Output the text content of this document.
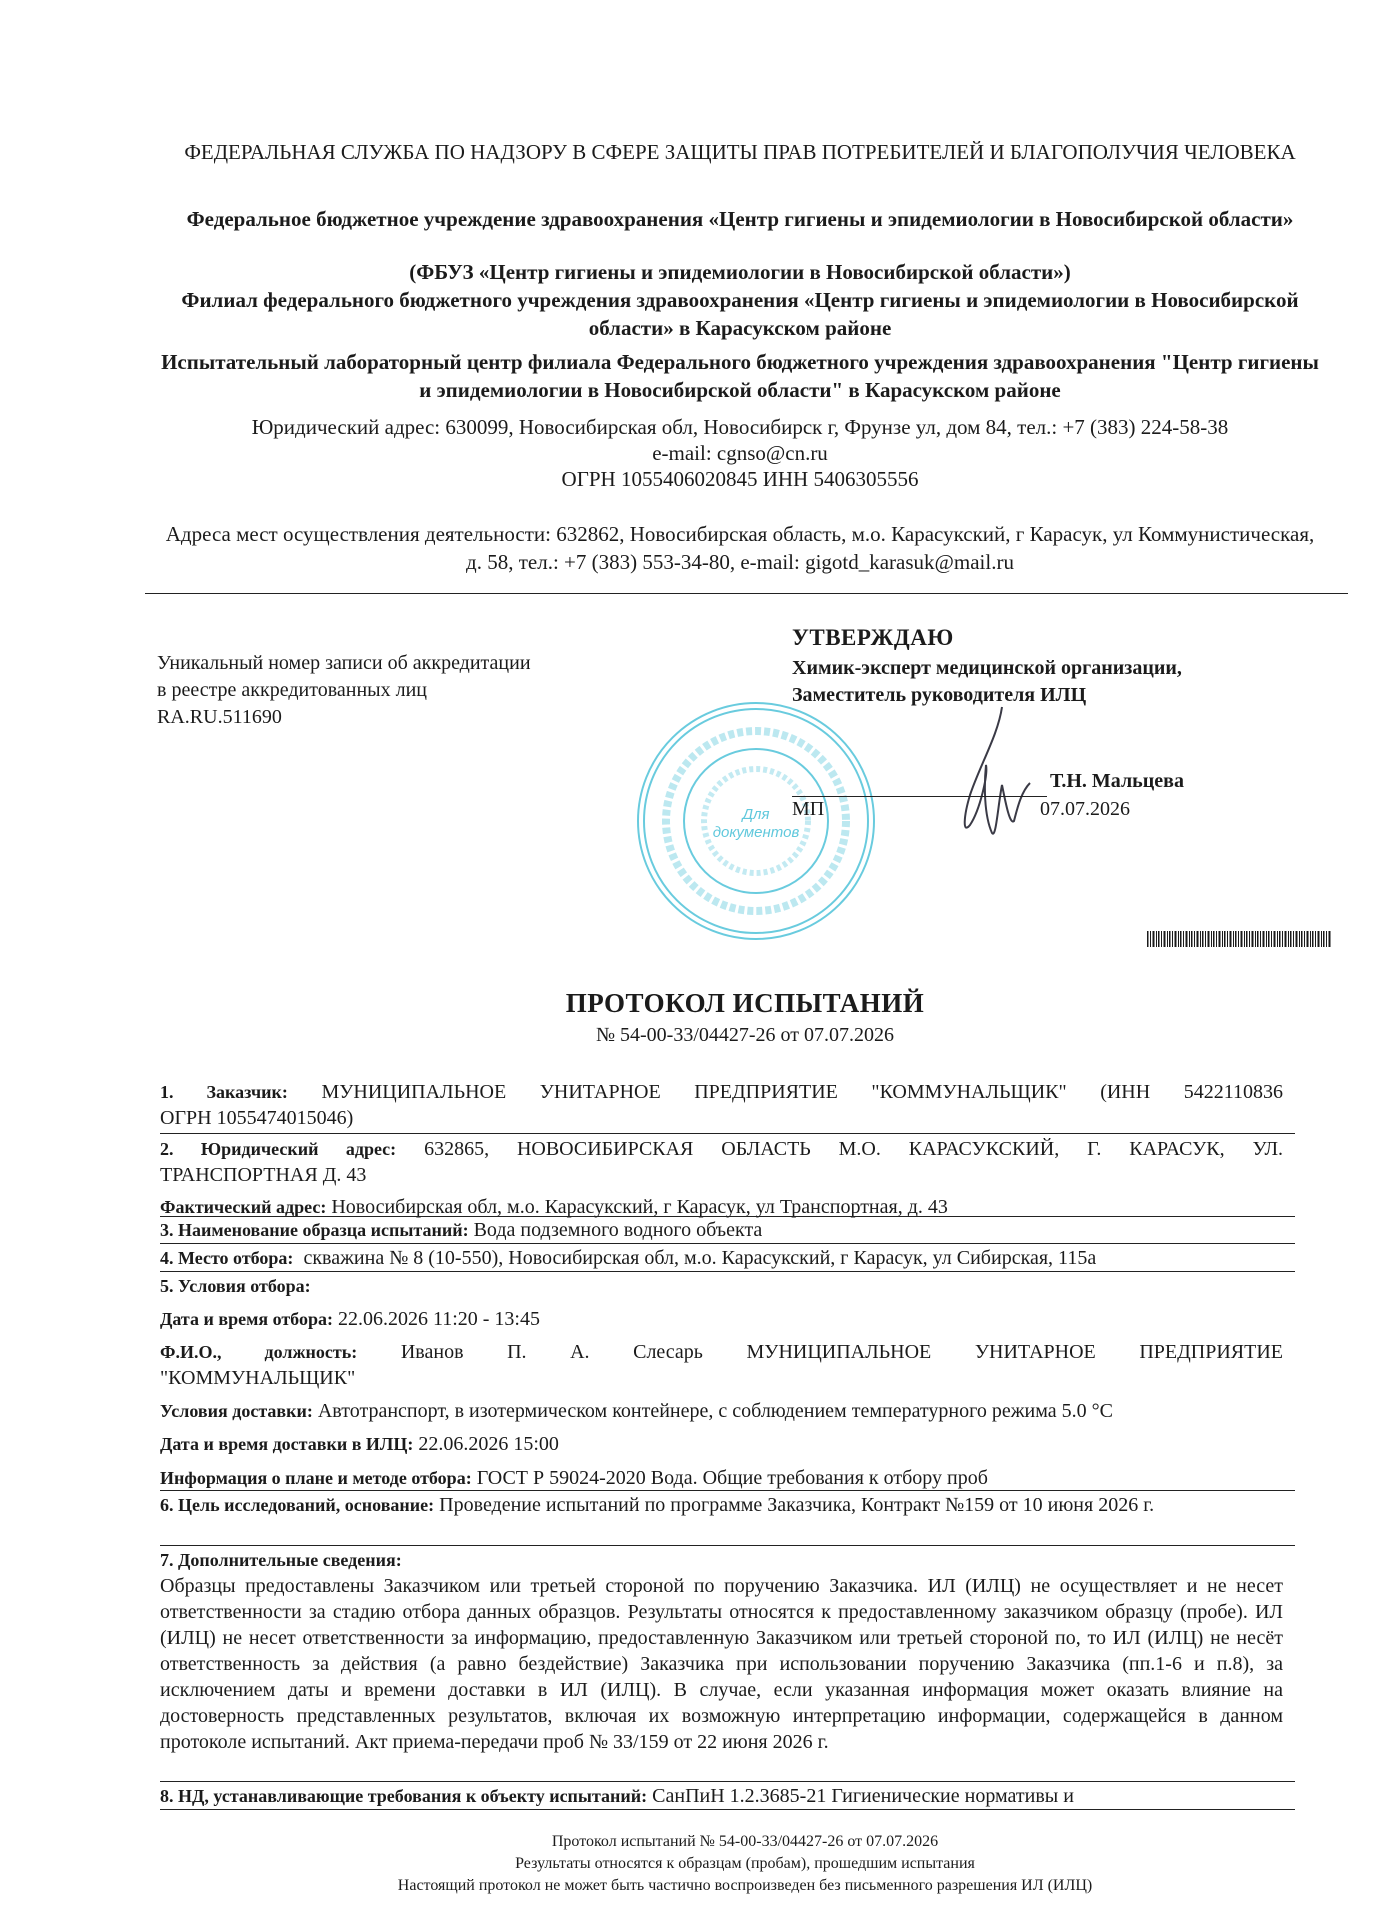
ФЕДЕРАЛЬНАЯ СЛУЖБА ПО НАДЗОРУ В СФЕРЕ ЗАЩИТЫ ПРАВ ПОТРЕБИТЕЛЕЙ И БЛАГОПОЛУЧИЯ ЧЕЛОВЕКА
Федеральное бюджетное учреждение здравоохранения «Центр гигиены и эпидемиологии в Новосибирской области»
(ФБУЗ «Центр гигиены и эпидемиологии в Новосибирской области»)
Филиал федерального бюджетного учреждения здравоохранения «Центр гигиены и эпидемиологии в Новосибирской области» в Карасукском районе
Испытательный лабораторный центр филиала Федерального бюджетного учреждения здравоохранения "Центр гигиены и эпидемиологии в Новосибирской области" в Карасукском районе
Юридический адрес: 630099, Новосибирская обл, Новосибирск г, Фрунзе ул, дом 84, тел.: +7 (383) 224-58-38
e-mail: cgnso@cn.ru
ОГРН 1055406020845 ИНН 5406305556
Адреса мест осуществления деятельности: 632862, Новосибирская область, м.о. Карасукский, г Карасук, ул Коммунистическая, д. 58, тел.: +7 (383) 553-34-80, e-mail: gigotd_karasuk@mail.ru
Уникальный номер записи об аккредитации
в реестре аккредитованных лиц
RA.RU.511690
Для
документов
УТВЕРЖДАЮ
Химик-эксперт медицинской организации,
Заместитель руководителя ИЛЦ
Т.Н. Мальцева
МП	07.07.2026
ПРОТОКОЛ ИСПЫТАНИЙ
№ 54-00-33/04427-26 от 07.07.2026
1. Заказчик: МУНИЦИПАЛЬНОЕ УНИТАРНОЕ ПРЕДПРИЯТИЕ "КОММУНАЛЬЩИК" (ИНН 5422110836
ОГРН 1055474015046)
2. Юридический адрес: 632865, НОВОСИБИРСКАЯ ОБЛАСТЬ М.О. КАРАСУКСКИЙ, Г. КАРАСУК, УЛ.
ТРАНСПОРТНАЯ Д. 43
Фактический адрес: Новосибирская обл, м.о. Карасукский, г Карасук, ул Транспортная, д. 43
3. Наименование образца испытаний: Вода подземного водного объекта
4. Место отбора: скважина № 8 (10-550), Новосибирская обл, м.о. Карасукский, г Карасук, ул Сибирская, 115а
5. Условия отбора:
Дата и время отбора: 22.06.2026 11:20 - 13:45
Ф.И.О., должность: Иванов П. А. Слесарь МУНИЦИПАЛЬНОЕ УНИТАРНОЕ ПРЕДПРИЯТИЕ
"КОММУНАЛЬЩИК"
Условия доставки: Автотранспорт, в изотермическом контейнере, с соблюдением температурного режима 5.0 °C
Дата и время доставки в ИЛЦ: 22.06.2026 15:00
Информация о плане и методе отбора: ГОСТ Р 59024-2020 Вода. Общие требования к отбору проб
6. Цель исследований, основание: Проведение испытаний по программе Заказчика, Контракт №159 от 10 июня 2026 г.
7. Дополнительные сведения:
Образцы предоставлены Заказчиком или третьей стороной по поручению Заказчика. ИЛ (ИЛЦ) не осуществляет и не несет ответственности за стадию отбора данных образцов. Результаты относятся к предоставленному заказчиком образцу (пробе). ИЛ (ИЛЦ) не несет ответственности за информацию, предоставленную Заказчиком или третьей стороной по, то ИЛ (ИЛЦ) не несёт ответственность за действия (а равно бездействие) Заказчика при использовании поручению Заказчика (пп.1-6 и п.8), за исключением даты и времени доставки в ИЛ (ИЛЦ). В случае, если указанная информация может оказать влияние на достоверность представленных результатов, включая их возможную интерпретацию информации, содержащейся в данном протоколе испытаний. Акт приема-передачи проб № 33/159 от 22 июня 2026 г.
8. НД, устанавливающие требования к объекту испытаний: СанПиН 1.2.3685-21 Гигиенические нормативы и
Протокол испытаний № 54-00-33/04427-26 от 07.07.2026
Результаты относятся к образцам (пробам), прошедшим испытания
Настоящий протокол не может быть частично воспроизведен без письменного разрешения ИЛ (ИЛЦ)
